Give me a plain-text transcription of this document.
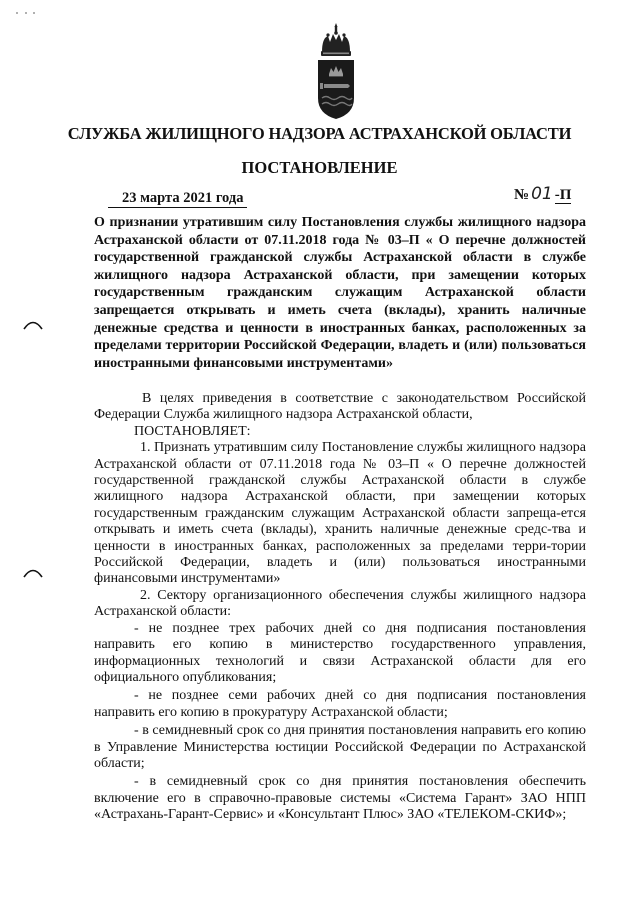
СЛУЖБА ЖИЛИЩНОГО НАДЗОРА АСТРАХАНСКОЙ ОБЛАСТИ
ПОСТАНОВЛЕНИЕ
23 марта 2021 года	№ 01 -П
О признании утратившим силу Постановления службы жилищного надзора Астраханской области от 07.11.2018 года № 03–П « О перечне должностей государственной гражданской службы Астраханской области в службе жилищного надзора Астраханской области, при замещении которых государственным гражданским служащим Астраханской области запрещается открывать и иметь счета (вклады), хранить наличные денежные средства и ценности в иностранных банках, расположенных за пределами территории Российской Федерации, владеть и (или) пользоваться иностранными финансовыми инструментами»

В целях приведения в соответствие с законодательством Российской Федерации Служба жилищного надзора Астраханской области,

ПОСТАНОВЛЯЕТ:

1. Признать утратившим силу Постановление службы жилищного надзора Астраханской области от 07.11.2018 года № 03–П « О перечне должностей государственной гражданской службы Астраханской области в службе жилищного надзора Астраханской области, при замещении которых государственным гражданским служащим Астраханской области запреща-ется открывать и иметь счета (вклады), хранить наличные денежные средс-тва и ценности в иностранных банках, расположенных за пределами терри-тории Российской Федерации, владеть и (или) пользоваться иностранными финансовыми инструментами»

2. Сектору организационного обеспечения службы жилищного надзора Астраханской области:

- не позднее трех рабочих дней со дня подписания постановления направить его копию в министерство государственного управления, информационных технологий и связи Астраханской области для его официального опубликования;

- не позднее семи рабочих дней со дня подписания постановления направить его копию в прокуратуру Астраханской области;

- в семидневный срок со дня принятия постановления направить его копию в Управление Министерства юстиции Российской Федерации по Астраханской области;

- в семидневный срок со дня принятия постановления обеспечить включение его в справочно-правовые системы «Система Гарант» ЗАО НПП «Астрахань-Гарант-Сервис» и «Консультант Плюс» ЗАО «ТЕЛЕКОМ-СКИФ»;
